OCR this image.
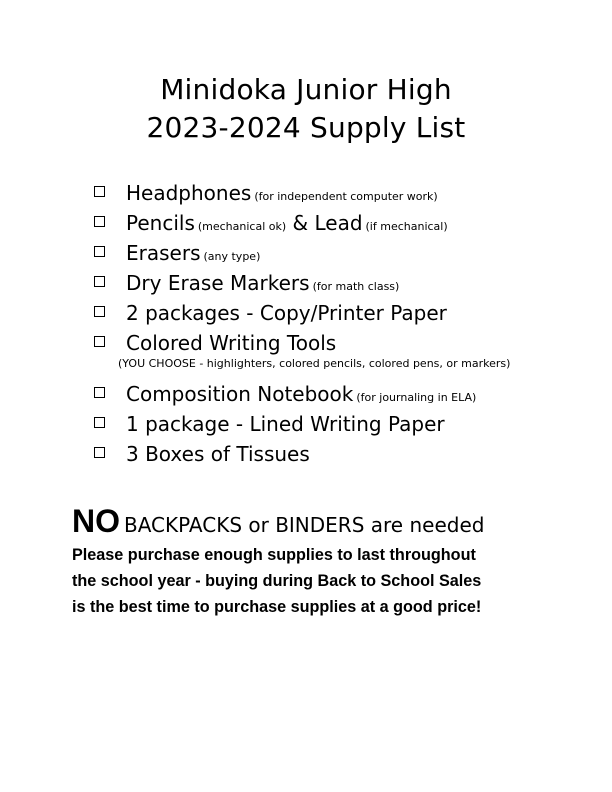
Minidoka Junior High
2023-2024 Supply List
Headphones (for independent computer work)
Pencils (mechanical ok) & Lead (if mechanical)
Erasers (any type)
Dry Erase Markers (for math class)
2 packages - Copy/Printer Paper
Colored Writing Tools
Composition Notebook (for journaling in ELA)
1 package - Lined Writing Paper
3 Boxes of Tissues
(YOU CHOOSE - highlighters, colored pencils, colored pens, or markers)
NO BACKPACKS or BINDERS are needed
Please purchase enough supplies to last throughout
the school year - buying during Back to School Sales
is the best time to purchase supplies at a good price!
